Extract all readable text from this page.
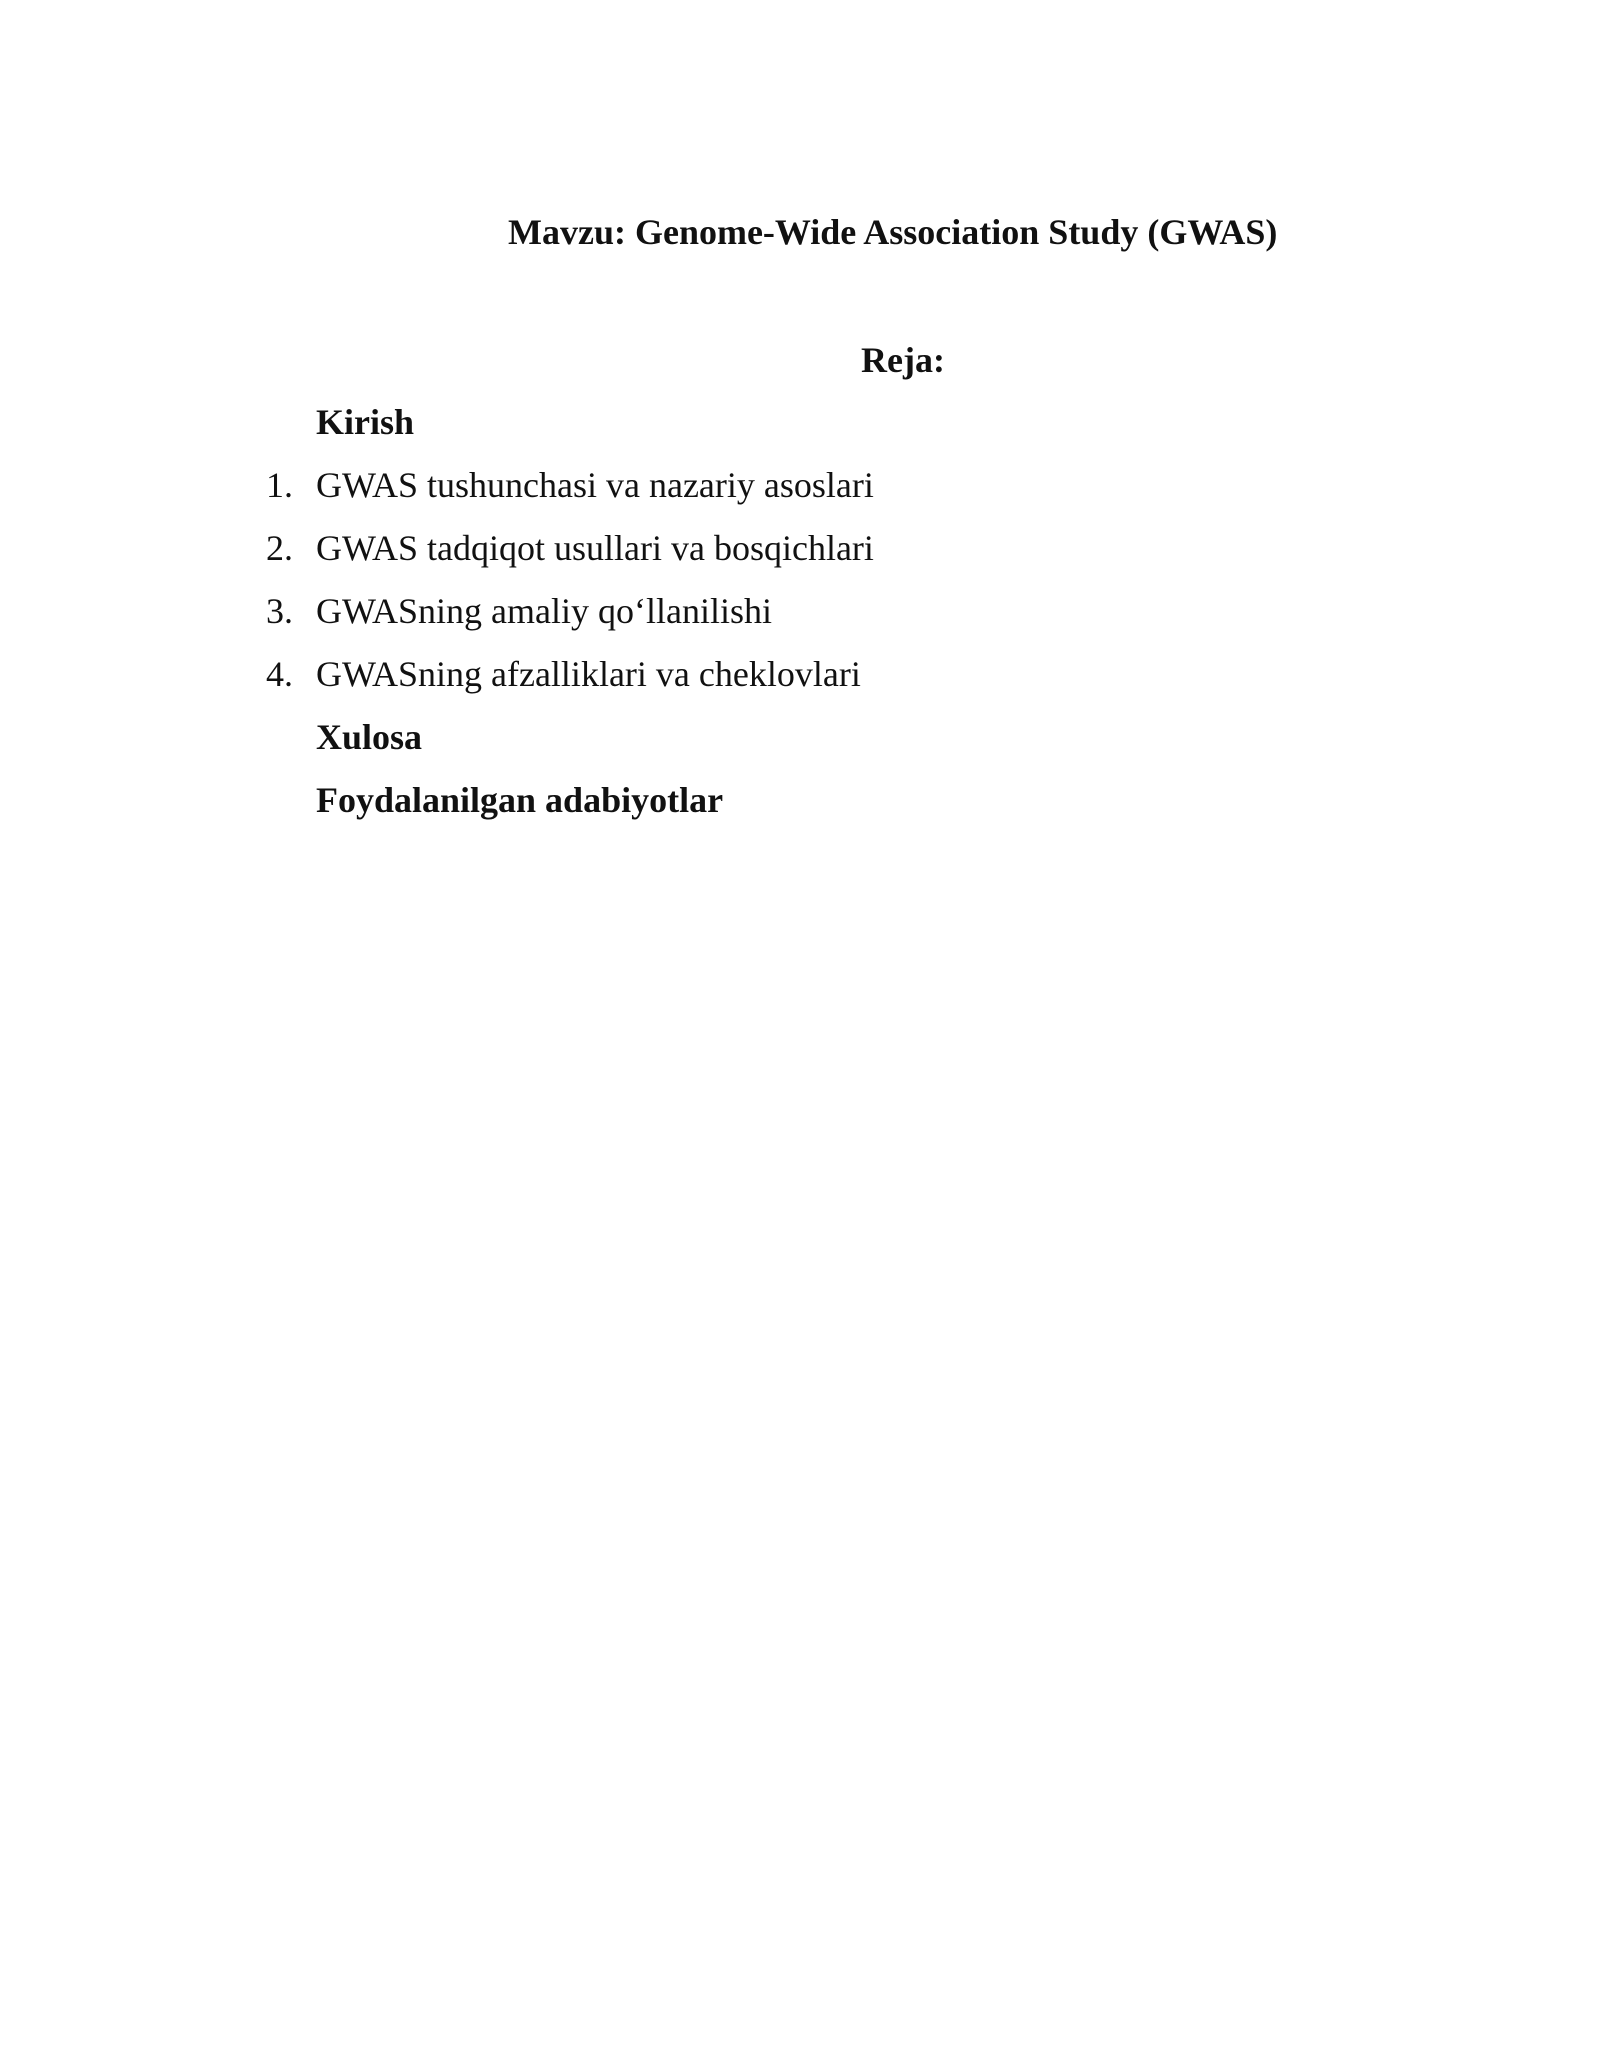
Mavzu: Genome-Wide Association Study (GWAS)
Reja:
Kirish
1. GWAS tushunchasi va nazariy asoslari
2. GWAS tadqiqot usullari va bosqichlari
3. GWASning amaliy qo‘llanilishi
4. GWASning afzalliklari va cheklovlari
Xulosa
Foydalanilgan adabiyotlar
